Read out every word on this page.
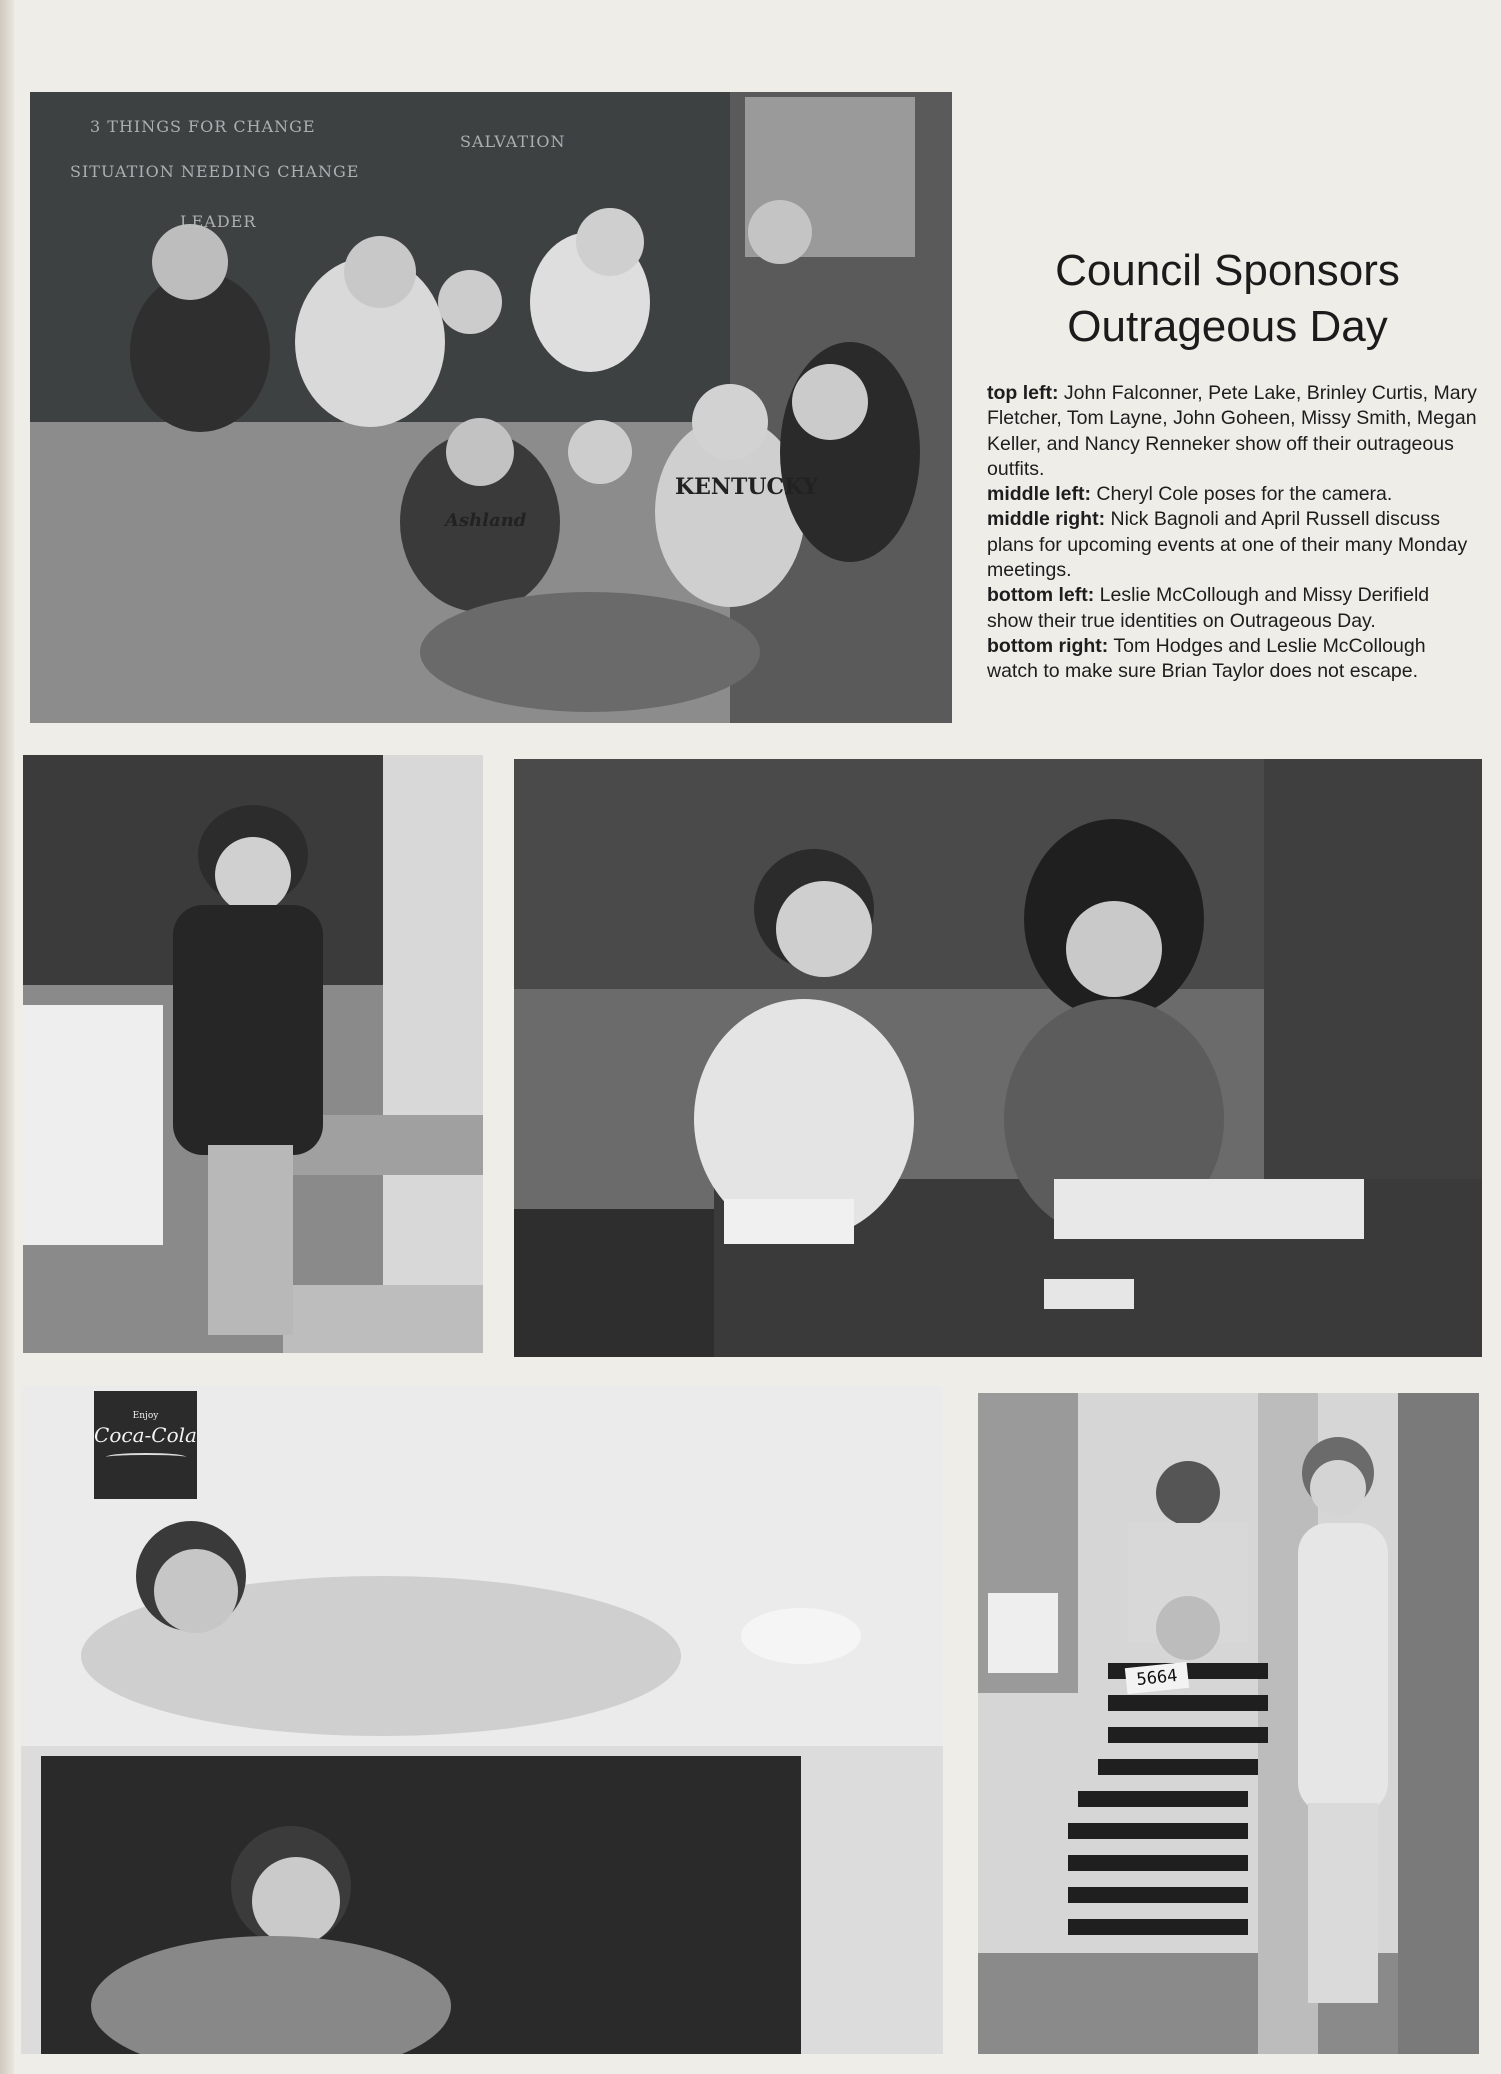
3 THINGS FOR CHANGE
SITUATION NEEDING CHANGE
SALVATION
LEADER
KENTUCKY
Ashland
Council Sponsors
Outrageous Day

top left: John Falconner, Pete Lake, Brinley Curtis, Mary Fletcher, Tom Layne, John Goheen, Missy Smith, Megan Keller, and Nancy Renneker show off their outrageous outfits.

middle left: Cheryl Cole poses for the camera.

middle right: Nick Bagnoli and April Russell discuss plans for upcoming events at one of their many Monday meetings.

bottom left: Leslie McCollough and Missy Derifield show their true identities on Outrageous Day.

bottom right: Tom Hodges and Leslie McCollough watch to make sure Brian Taylor does not escape.

Enjoy
Coca-Cola
5664
